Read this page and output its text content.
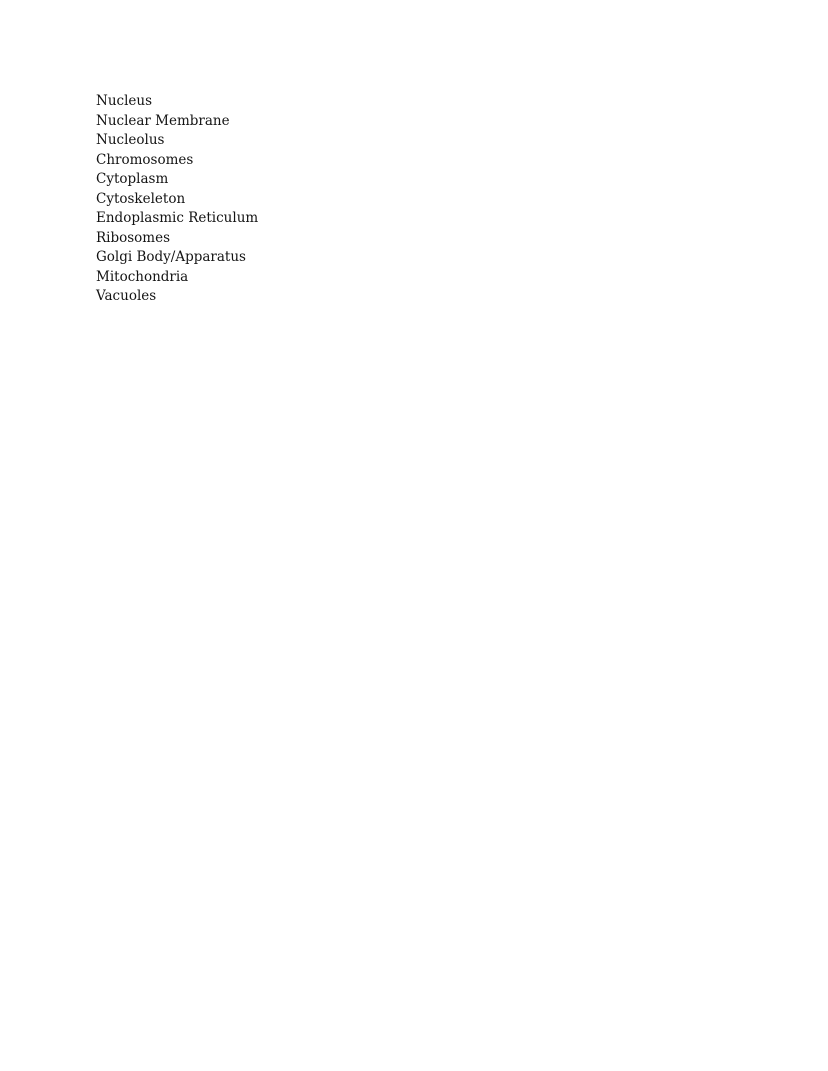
Nucleus
Nuclear Membrane
Nucleolus
Chromosomes
Cytoplasm
Cytoskeleton
Endoplasmic Reticulum
Ribosomes
Golgi Body/Apparatus
Mitochondria
Vacuoles
